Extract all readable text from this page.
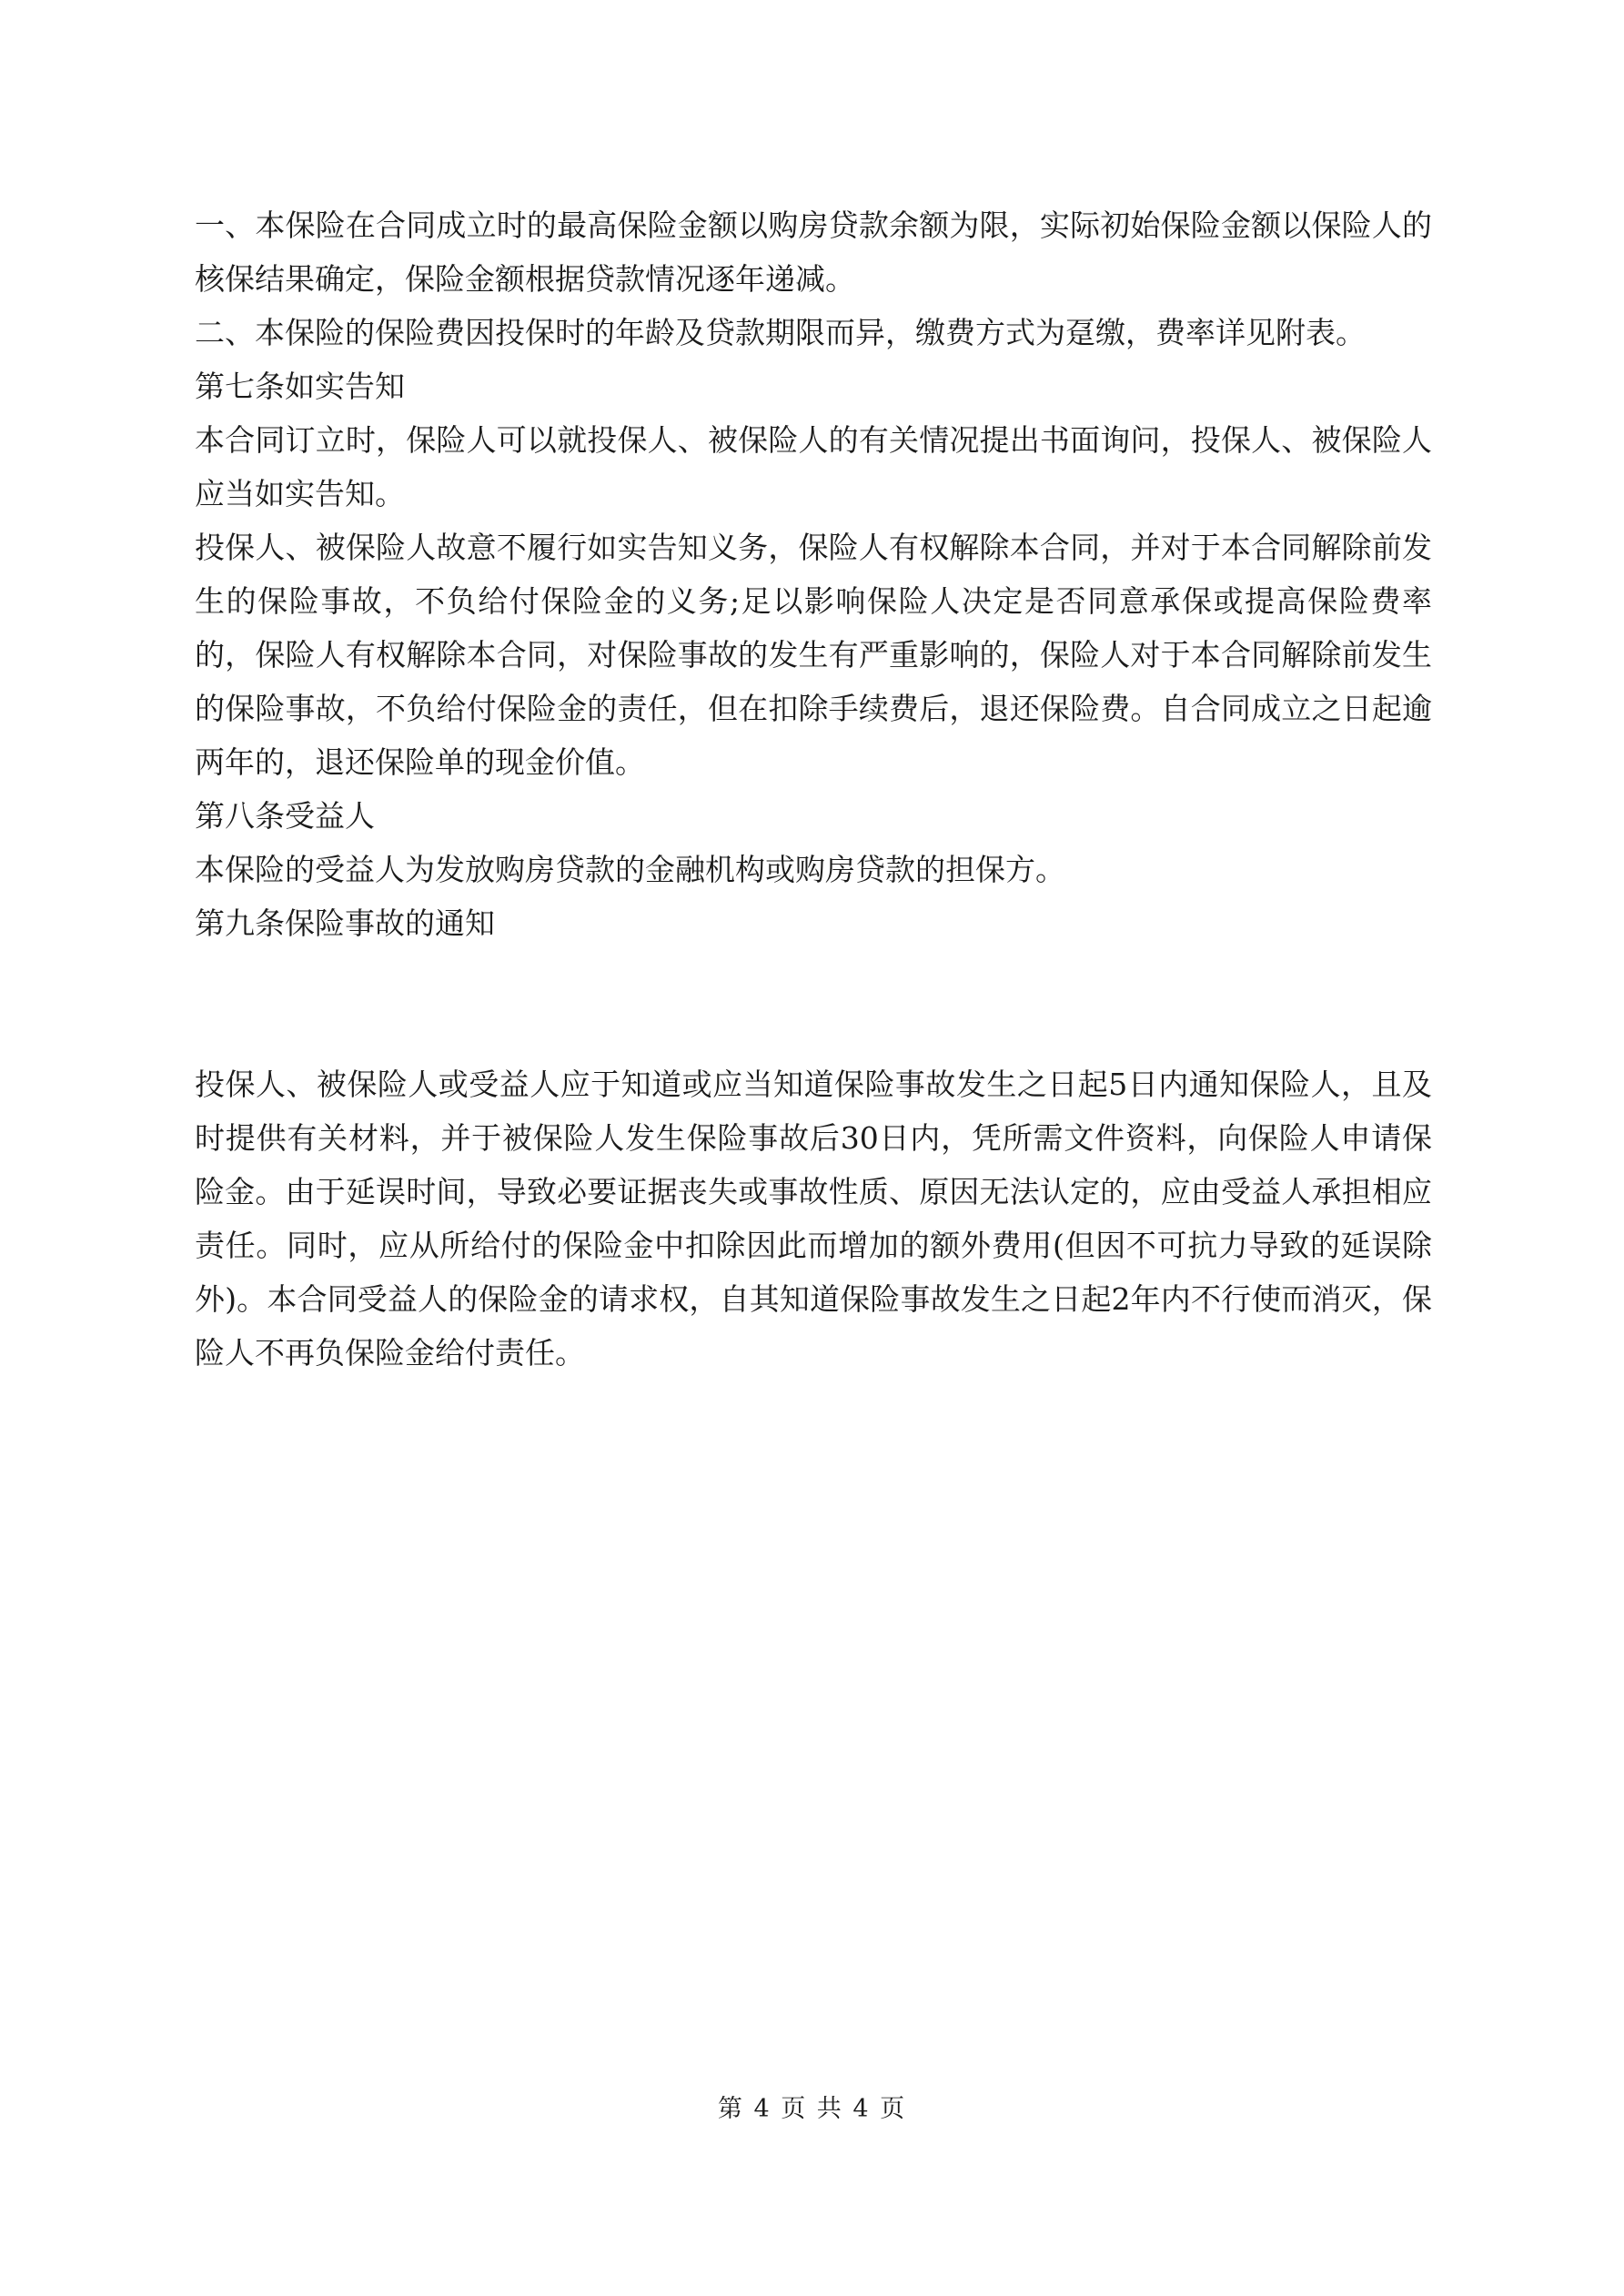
一、本保险在合同成立时的最高保险金额以购房贷款余额为限，实际初始保险金额以保险人的核保结果确定，保险金额根据贷款情况逐年递减。

二、本保险的保险费因投保时的年龄及贷款期限而异，缴费方式为趸缴，费率详见附表。

第七条如实告知

本合同订立时，保险人可以就投保人、被保险人的有关情况提出书面询问，投保人、被保险人应当如实告知。

投保人、被保险人故意不履行如实告知义务，保险人有权解除本合同，并对于本合同解除前发生的保险事故，不负给付保险金的义务;足以影响保险人决定是否同意承保或提高保险费率的，保险人有权解除本合同，对保险事故的发生有严重影响的，保险人对于本合同解除前发生的保险事故，不负给付保险金的责任，但在扣除手续费后，退还保险费。自合同成立之日起逾两年的，退还保险单的现金价值。

第八条受益人

本保险的受益人为发放购房贷款的金融机构或购房贷款的担保方。

第九条保险事故的通知

投保人、被保险人或受益人应于知道或应当知道保险事故发生之日起5日内通知保险人，且及时提供有关材料，并于被保险人发生保险事故后30日内，凭所需文件资料，向保险人申请保险金。由于延误时间，导致必要证据丧失或事故性质、原因无法认定的，应由受益人承担相应责任。同时，应从所给付的保险金中扣除因此而增加的额外费用(但因不可抗力导致的延误除外)。本合同受益人的保险金的请求权，自其知道保险事故发生之日起2年内不行使而消灭，保险人不再负保险金给付责任。

第 4 页 共 4 页
